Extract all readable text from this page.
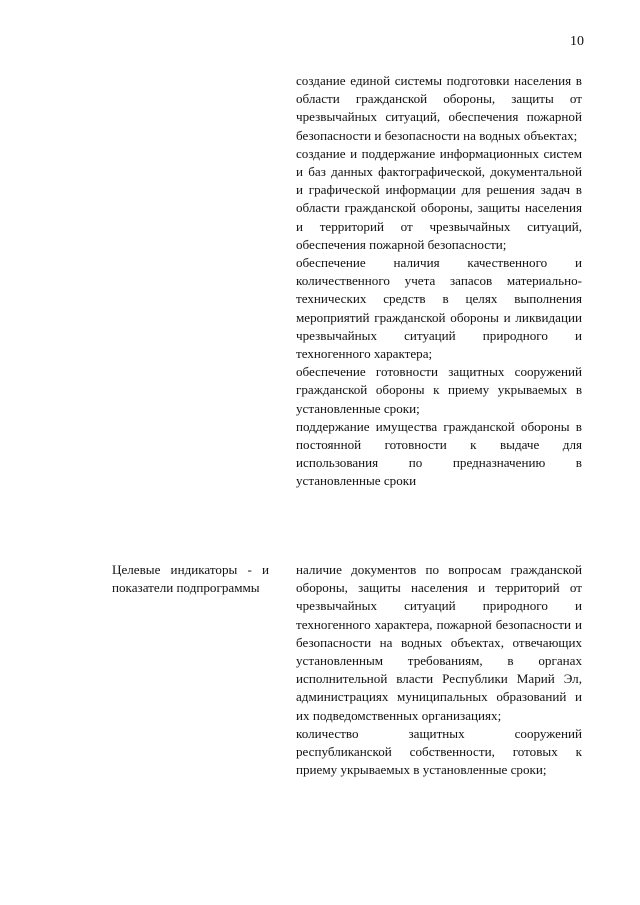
10

создание единой системы подготовки населения в области гражданской обороны, защиты от чрезвычайных ситуаций, обеспечения пожарной безопасности и безопасности на водных объектах;

создание и поддержание информационных систем и баз данных фактографической, документальной и графической информации для решения задач в области гражданской обороны, защиты населения и территорий от чрезвычайных ситуаций, обеспечения пожарной безопасности;

обеспечение наличия качественного и количественного учета запасов материально-технических средств в целях выполнения мероприятий гражданской обороны и ликвидации чрезвычайных ситуаций природного и техногенного характера;

обеспечение готовности защитных сооружений гражданской обороны к приему укрываемых в установленные сроки;

поддержание имущества гражданской обороны в постоянной готовности к выдаче для использования по предназначению в установленные сроки

Целевые индикаторы - и показатели подпрограммы

наличие документов по вопросам гражданской обороны, защиты населения и территорий от чрезвычайных ситуаций природного и техногенного характера, пожарной безопасности и безопасности на водных объектах, отвечающих установленным требованиям, в органах исполнительной власти Республики Марий Эл, администрациях муниципальных образований и их подведомственных организациях;

количество защитных сооружений республиканской собственности, готовых к приему укрываемых в установленные сроки;
